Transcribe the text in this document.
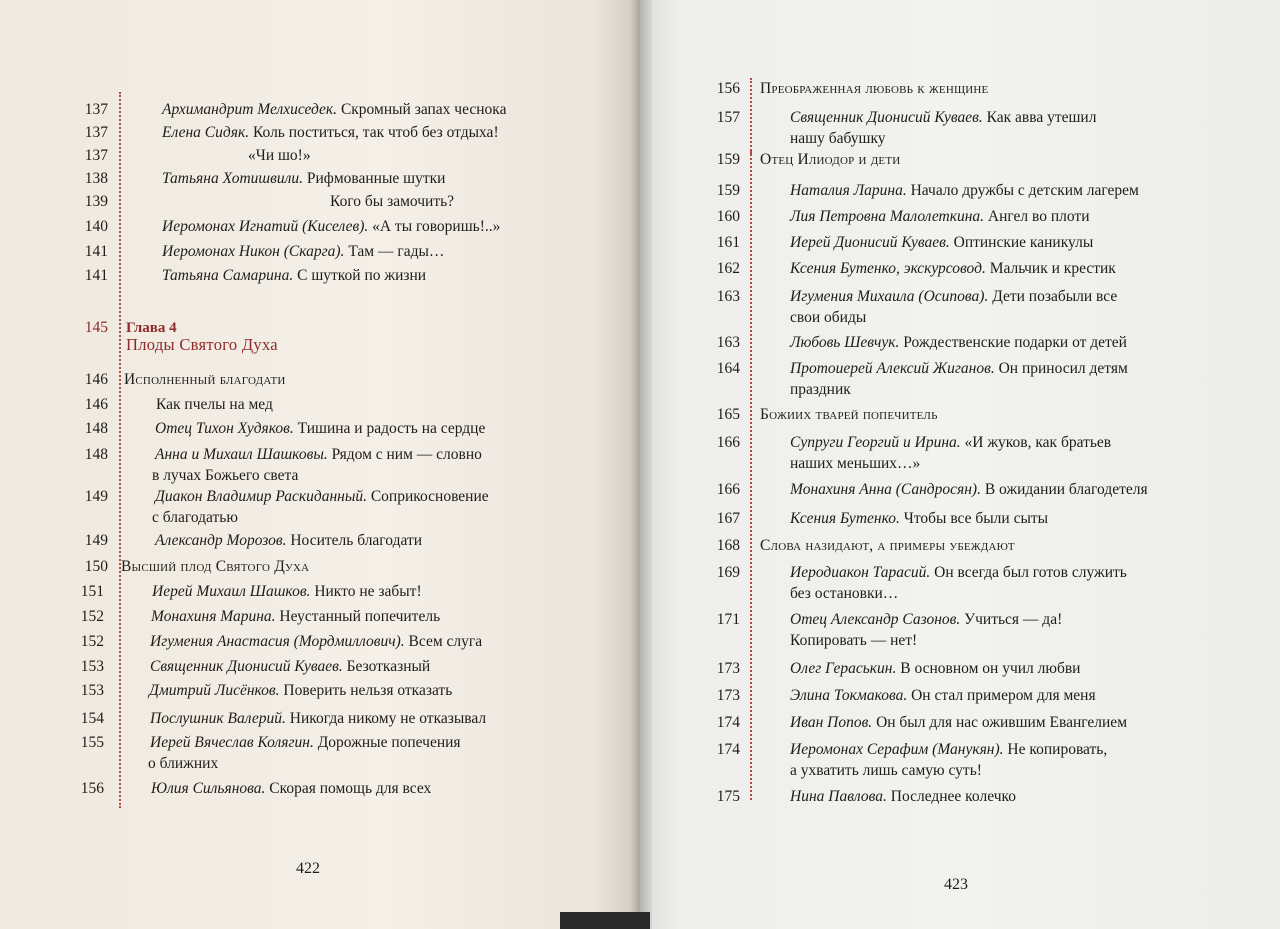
137	Архимандрит Мелхиседек. Скромный запах чеснока
137	Елена Сидяк. Коль поститься, так чтоб без отдыха!
137	«Чи шо!»
138	Татьяна Хотишвили. Рифмованные шутки
139	Кого бы замочить?
140	Иеромонах Игнатий (Киселев). «А ты говоришь!..»
141	Иеромонах Никон (Скарга). Там — гады…
141	Татьяна Самарина. С шуткой по жизни
145 Глава 4
Плоды Святого Духа
146 Исполненный благодати
146	Как пчелы на мед
148	Отец Тихон Худяков. Тишина и радость на сердце
148	Анна и Михаил Шашковы. Рядом с ним — словно
в лучах Божьего света
149	Диакон Владимир Раскиданный. Соприкосновение
с благодатью
149	Александр Морозов. Носитель благодати
150 Высший плод Святого Духа
151	Иерей Михаил Шашков. Никто не забыт!
152	Монахиня Марина. Неустанный попечитель
152	Игумения Анастасия (Мордмиллович). Всем слуга
153	Священник Дионисий Куваев. Безотказный
153	Дмитрий Лисёнков. Поверить нельзя отказать
154	Послушник Валерий. Никогда никому не отказывал
155	Иерей Вячеслав Колягин. Дорожные попечения
о ближних
156	Юлия Сильянова. Скорая помощь для всех
156 Преображенная любовь к женщине
157	Священник Дионисий Куваев. Как авва утешил
нашу бабушку
159 Отец Илиодор и дети
159	Наталия Ларина. Начало дружбы с детским лагерем
160	Лия Петровна Малолеткина. Ангел во плоти
161	Иерей Дионисий Куваев. Оптинские каникулы
162	Ксения Бутенко, экскурсовод. Мальчик и крестик
163	Игумения Михаила (Осипова). Дети позабыли все
свои обиды
163	Любовь Шевчук. Рождественские подарки от детей
164	Протоиерей Алексий Жиганов. Он приносил детям
праздник
165 Божиих тварей попечитель
166	Супруги Георгий и Ирина. «И жуков, как братьев
наших меньших…»
166	Монахиня Анна (Сандросян). В ожидании благодетеля
167	Ксения Бутенко. Чтобы все были сыты
168 Слова назидают, а примеры убеждают
169	Иеродиакон Тарасий. Он всегда был готов служить
без остановки…
171	Отец Александр Сазонов. Учиться — да!
Копировать — нет!
173	Олег Гераськин. В основном он учил любви
173	Элина Токмакова. Он стал примером для меня
174	Иван Попов. Он был для нас ожившим Евангелием
174	Иеромонах Серафим (Манукян). Не копировать,
а ухватить лишь самую суть!
175	Нина Павлова. Последнее колечко
422
423
